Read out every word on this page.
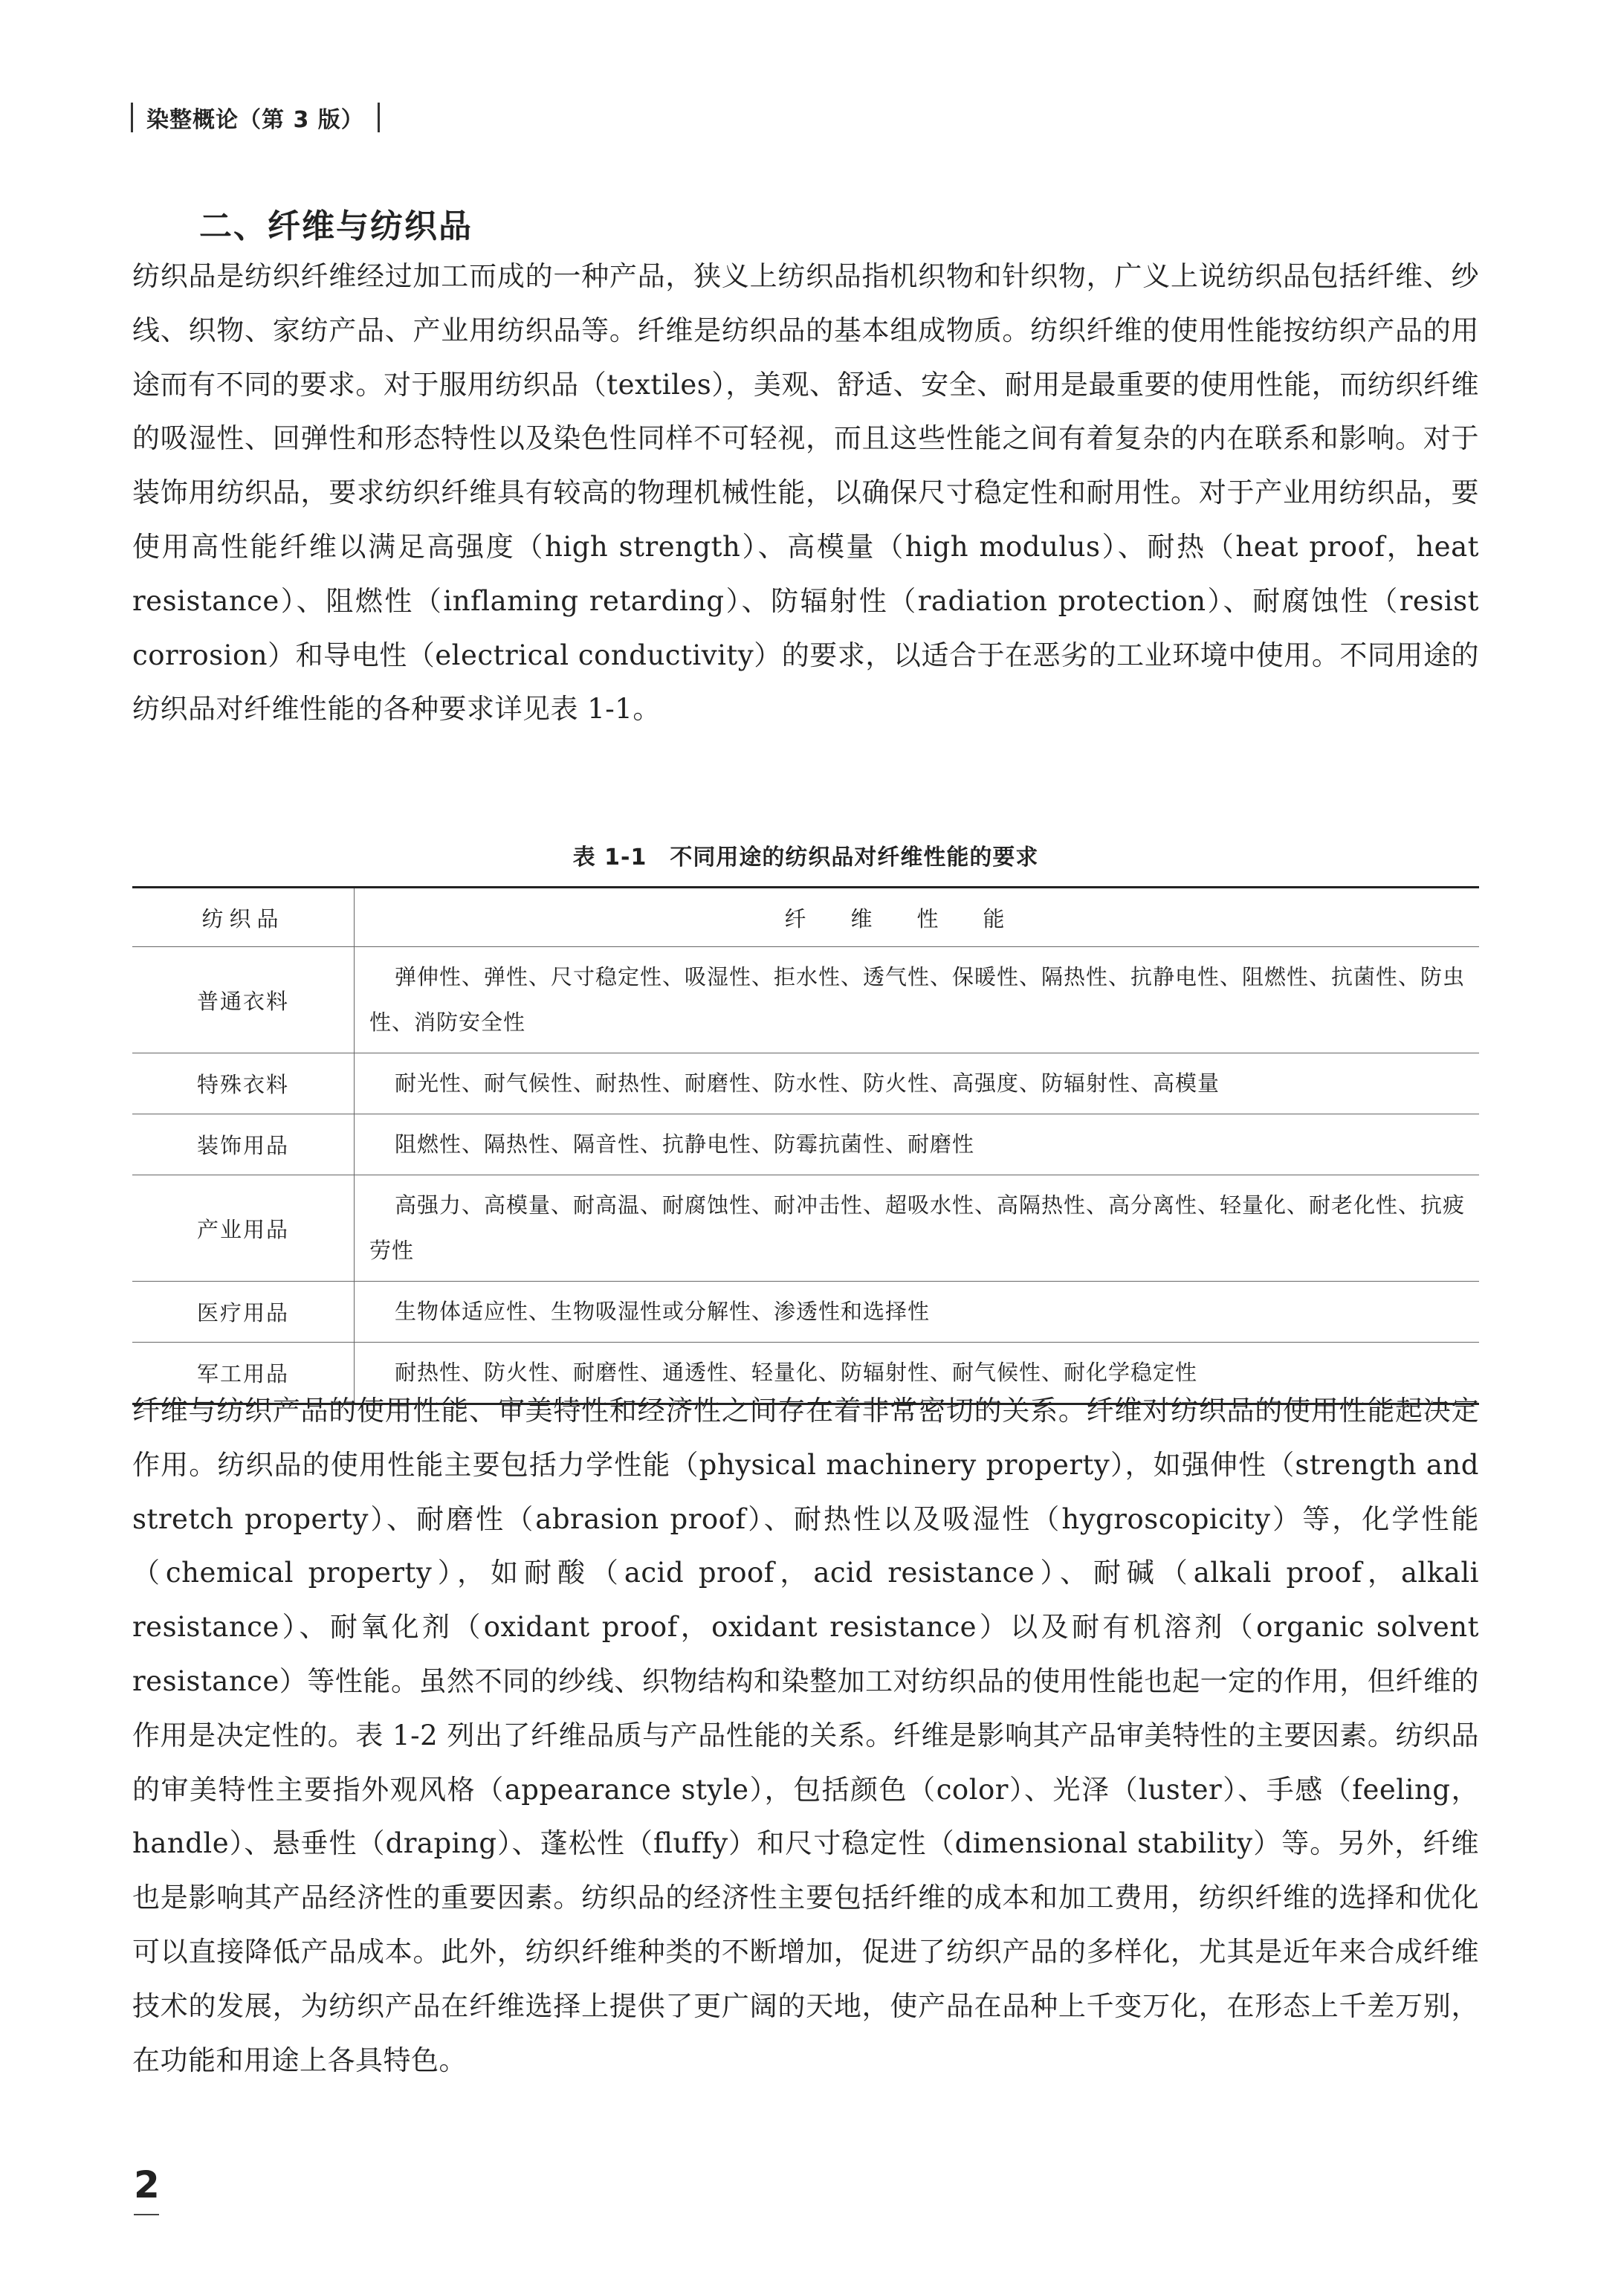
染整概论（第 3 版）
二、纤维与纺织品

纺织品是纺织纤维经过加工而成的一种产品，狭义上纺织品指机织物和针织物，广义上说纺织品包括纤维、纱线、织物、家纺产品、产业用纺织品等。纤维是纺织品的基本组成物质。纺织纤维的使用性能按纺织产品的用途而有不同的要求。对于服用纺织品（textiles），美观、舒适、安全、耐用是最重要的使用性能，而纺织纤维的吸湿性、回弹性和形态特性以及染色性同样不可轻视，而且这些性能之间有着复杂的内在联系和影响。对于装饰用纺织品，要求纺织纤维具有较高的物理机械性能，以确保尺寸稳定性和耐用性。对于产业用纺织品，要使用高性能纤维以满足高强度（high strength）、高模量（high modulus）、耐热（heat proof，heat resistance）、阻燃性（inflaming retarding）、防辐射性（radiation protection）、耐腐蚀性（resist corrosion）和导电性（electrical conductivity）的要求，以适合于在恶劣的工业环境中使用。不同用途的纺织品对纤维性能的各种要求详见表 1-1。

表 1-1　不同用途的纺织品对纤维性能的要求
纺织品	纤维性能
普通衣料	弹伸性、弹性、尺寸稳定性、吸湿性、拒水性、透气性、保暖性、隔热性、抗静电性、阻燃性、抗菌性、防虫性、消防安全性
特殊衣料	耐光性、耐气候性、耐热性、耐磨性、防水性、防火性、高强度、防辐射性、高模量
装饰用品	阻燃性、隔热性、隔音性、抗静电性、防霉抗菌性、耐磨性
产业用品	高强力、高模量、耐高温、耐腐蚀性、耐冲击性、超吸水性、高隔热性、高分离性、轻量化、耐老化性、抗疲劳性
医疗用品	生物体适应性、生物吸湿性或分解性、渗透性和选择性
军工用品	耐热性、防火性、耐磨性、通透性、轻量化、防辐射性、耐气候性、耐化学稳定性

纤维与纺织产品的使用性能、审美特性和经济性之间存在着非常密切的关系。纤维对纺织品的使用性能起决定作用。纺织品的使用性能主要包括力学性能（physical machinery property），如强伸性（strength and stretch property）、耐磨性（abrasion proof）、耐热性以及吸湿性（hygroscopicity）等，化学性能（chemical property），如耐酸（acid proof，acid resistance）、耐碱（alkali proof，alkali resistance）、耐氧化剂（oxidant proof，oxidant resistance）以及耐有机溶剂（organic solvent resistance）等性能。虽然不同的纱线、织物结构和染整加工对纺织品的使用性能也起一定的作用，但纤维的作用是决定性的。表 1-2 列出了纤维品质与产品性能的关系。纤维是影响其产品审美特性的主要因素。纺织品的审美特性主要指外观风格（appearance style），包括颜色（color）、光泽（luster）、手感（feeling，handle）、悬垂性（draping）、蓬松性（fluffy）和尺寸稳定性（dimensional stability）等。另外，纤维也是影响其产品经济性的重要因素。纺织品的经济性主要包括纤维的成本和加工费用，纺织纤维的选择和优化可以直接降低产品成本。此外，纺织纤维种类的不断增加，促进了纺织产品的多样化，尤其是近年来合成纤维技术的发展，为纺织产品在纤维选择上提供了更广阔的天地，使产品在品种上千变万化，在形态上千差万别，在功能和用途上各具特色。

2
